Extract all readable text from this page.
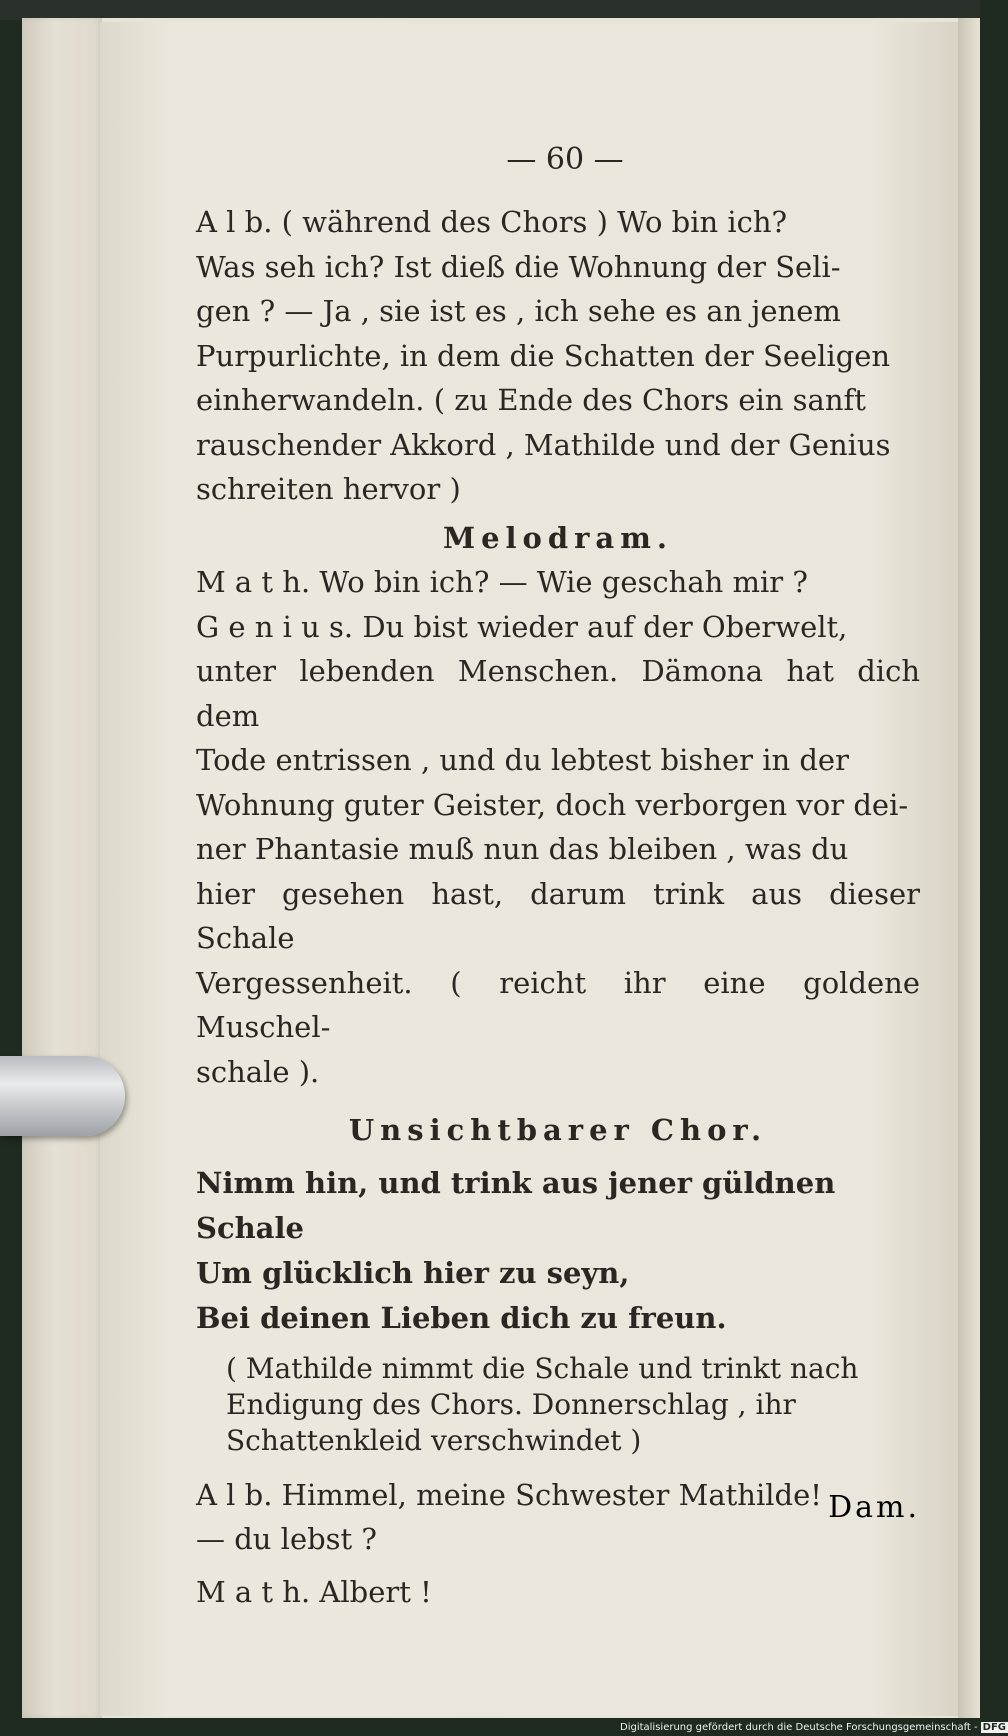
— 60 —

A l b. ( während des Chors ) Wo bin ich?

Was seh ich? Ist dieß die Wohnung der Seli-

gen ? — Ja , sie ist es , ich sehe es an jenem

Purpurlichte, in dem die Schatten der Seeligen

einherwandeln. ( zu Ende des Chors ein sanft

rauschender Akkord , Mathilde und der Genius

schreiten hervor )

Melodram.

M a t h. Wo bin ich? — Wie geschah mir ?

G e n i u s. Du bist wieder auf der Oberwelt,

unter lebenden Menschen. Dämona hat dich dem

Tode entrissen , und du lebtest bisher in der

Wohnung guter Geister, doch verborgen vor dei-

ner Phantasie muß nun das bleiben , was du

hier gesehen hast, darum trink aus dieser Schale

Vergessenheit. ( reicht ihr eine goldene Muschel-

schale ).

Unsichtbarer Chor.

Nimm hin, und trink aus jener güldnen Schale

Um glücklich hier zu seyn,

Bei deinen Lieben dich zu freun.

( Mathilde nimmt die Schale und trinkt nach

Endigung des Chors. Donnerschlag , ihr

Schattenkleid verschwindet )

A l b. Himmel, meine Schwester Mathilde!

— du lebst ?

M a t h. Albert !

Dam.
Digitalisierung gefördert durch die Deutsche Forschungsgemeinschaft - DFG
